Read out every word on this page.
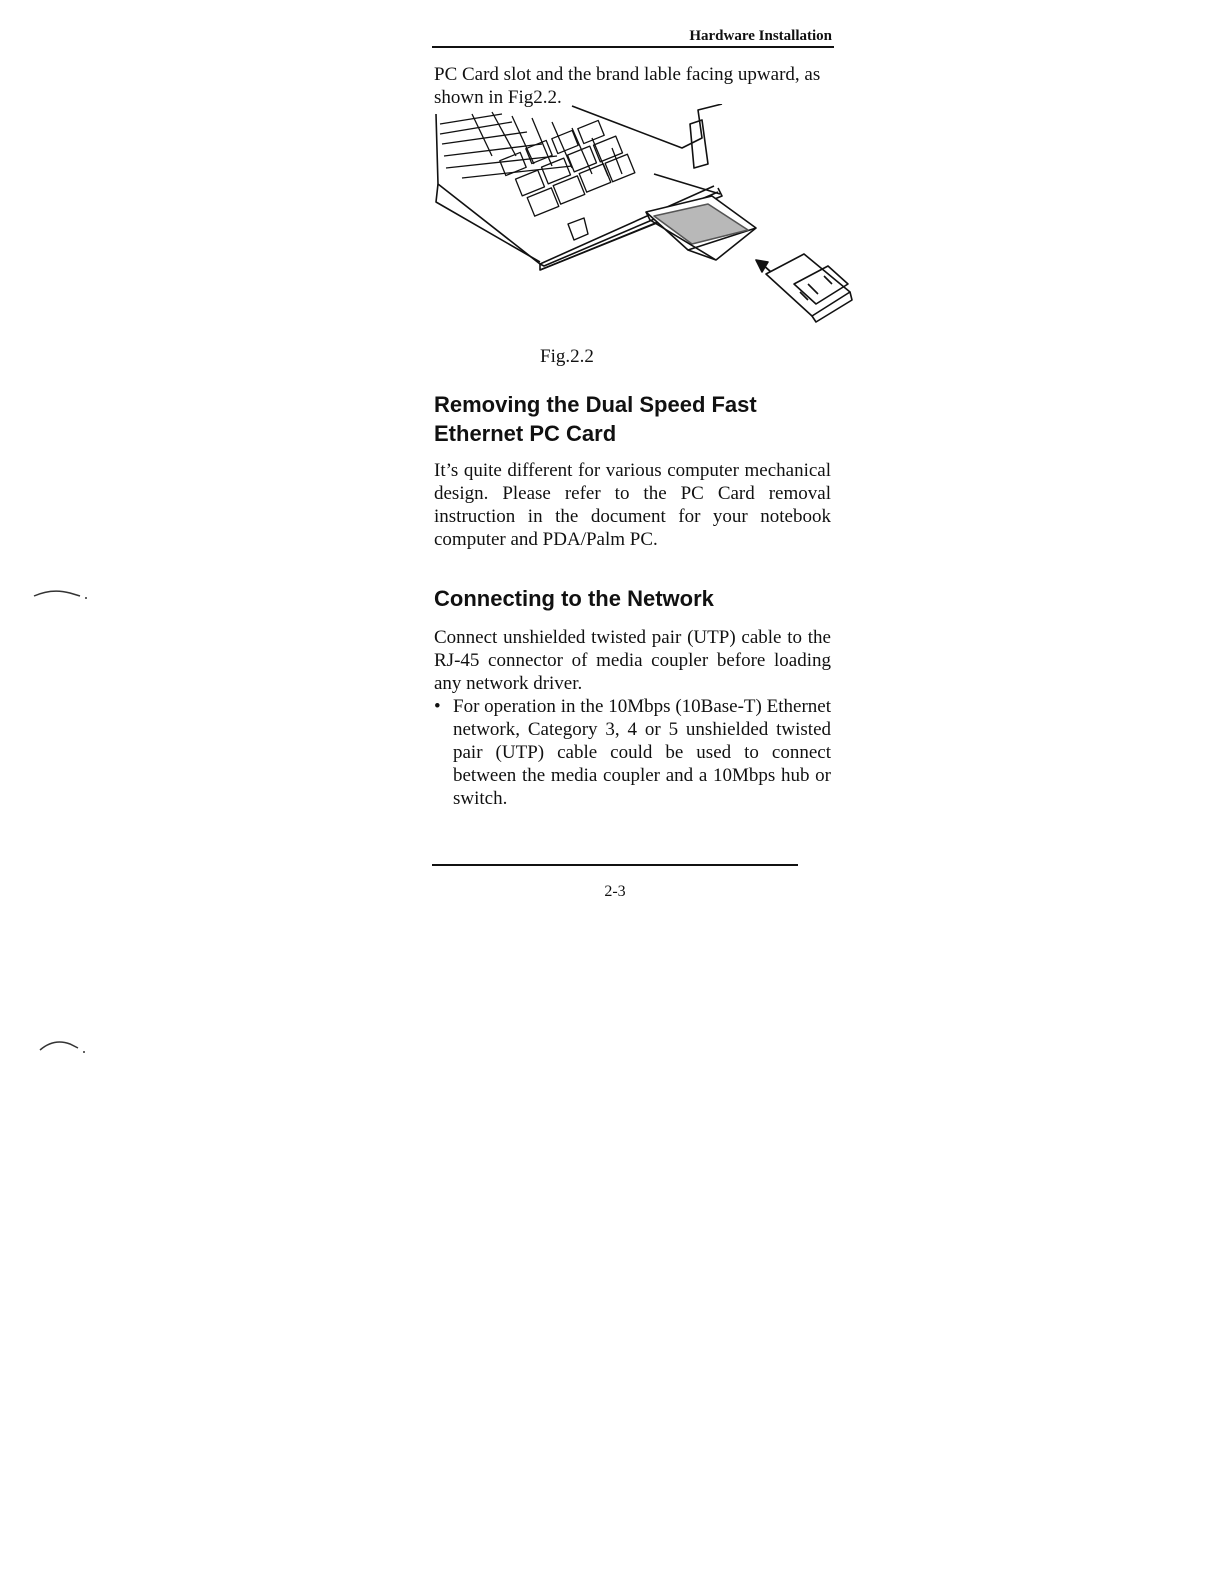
Hardware Installation

PC Card slot and the brand lable facing upward, as shown in Fig2.2.

Fig.2.2
Removing the Dual Speed Fast Ethernet PC Card

It’s quite different for various computer mechanical design. Please refer to the PC Card removal instruction in the document for your notebook computer and PDA/Palm PC.

Connecting to the Network

Connect unshielded twisted pair (UTP) cable to the RJ-45 connector of media coupler before loading any network driver.

• For operation in the 10Mbps (10Base-T) Ethernet network, Category 3, 4 or 5 unshielded twisted pair (UTP) cable could be used to connect between the media coupler and a 10Mbps hub or switch.
2-3
